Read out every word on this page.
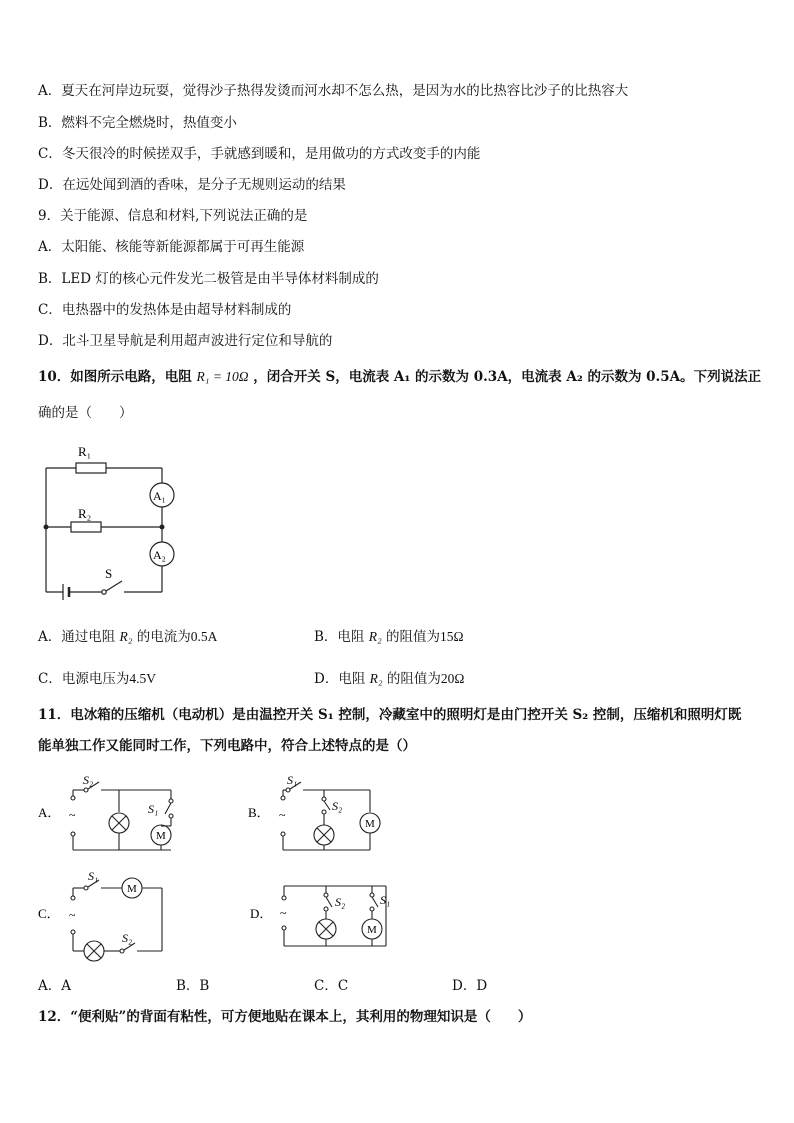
A．夏天在河岸边玩耍，觉得沙子热得发烫而河水却不怎么热，是因为水的比热容比沙子的比热容大
B．燃料不完全燃烧时，热值变小
C．冬天很冷的时候搓双手，手就感到暖和，是用做功的方式改变手的内能
D．在远处闻到酒的香味，是分子无规则运动的结果
9．关于能源、信息和材料,下列说法正确的是
A．太阳能、核能等新能源都属于可再生能源
B．LED 灯的核心元件发光二极管是由半导体材料制成的
C．电热器中的发热体是由超导材料制成的
D．北斗卫星导航是利用超声波进行定位和导航的
10．如图所示电路，电阻 R₁ = 10Ω ，闭合开关 S，电流表 A₁ 的示数为 0.3A，电流表 A₂ 的示数为 0.5A。下列说法正
确的是（　　）
R₁
R₂
A₁
A₂
S
A．通过电阻 R₂ 的电流为0.5A	B．电阻 R₂ 的阻值为15Ω
C．电源电压为4.5V	D．电阻 R₂ 的阻值为20Ω
11．电冰箱的压缩机（电动机）是由温控开关 S₁ 控制，冷藏室中的照明灯是由门控开关 S₂ 控制，压缩机和照明灯既
能单独工作又能同时工作，下列电路中，符合上述特点的是（）
A． ~
S₂
S₁
M
B． ~
S₁
S₂
M
C． ~
S₁
S₂
M
D． ~
S₂	S₁
M
A．A	B．B	C．C	D．D
12．“便利贴”的背面有粘性，可方便地贴在课本上，其利用的物理知识是（　　）
